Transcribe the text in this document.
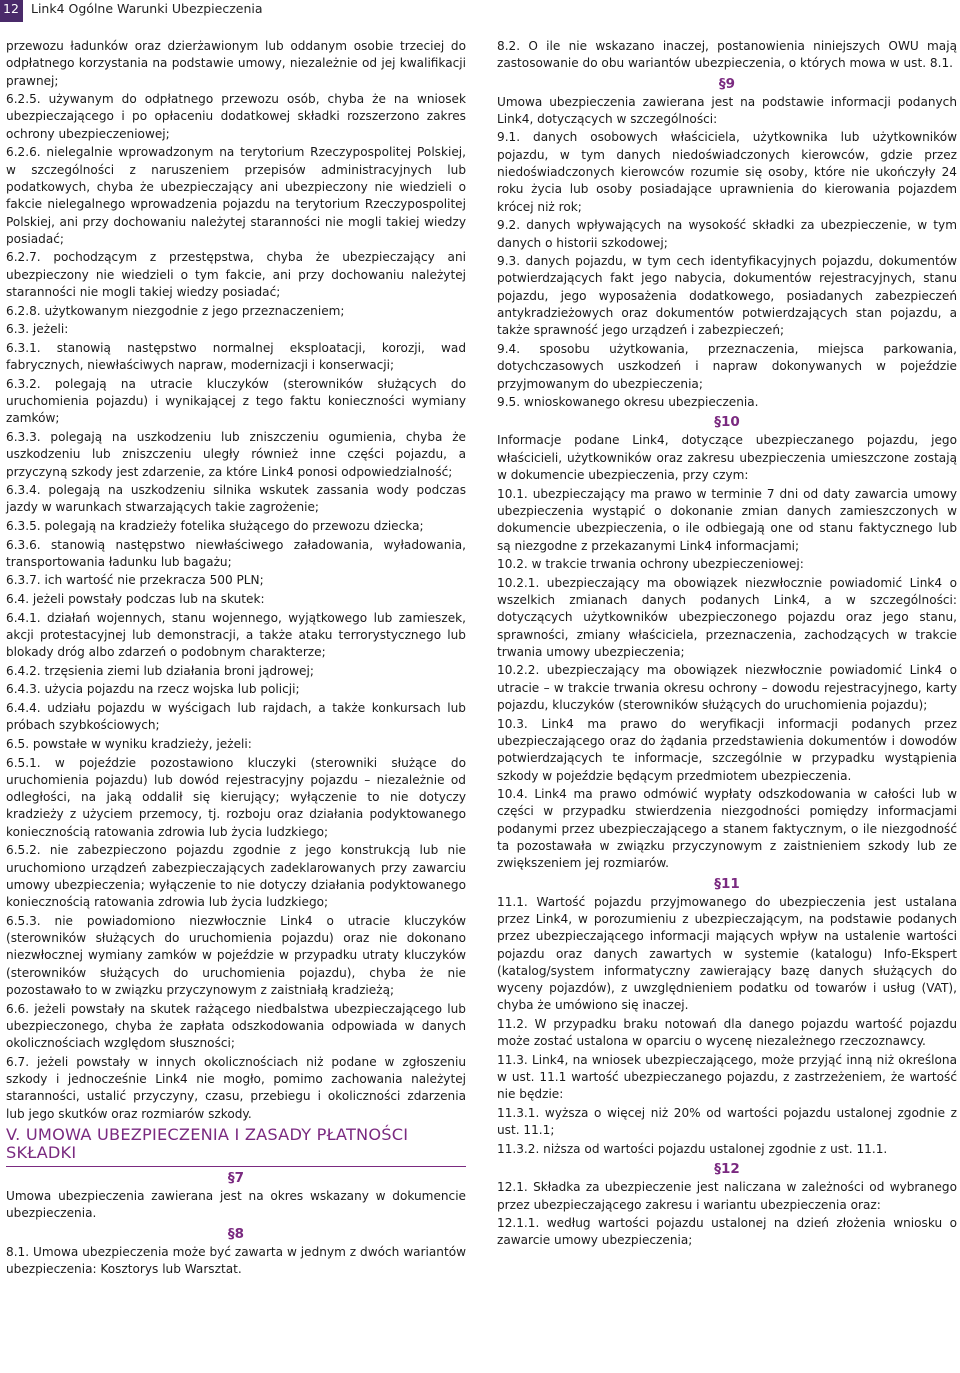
12 Link4 Ogólne Warunki Ubezpieczenia

przewozu ładunków oraz dzierżawionym lub oddanym osobie trzeciej do odpłatnego korzystania na podstawie umowy, niezależnie od jej kwalifikacji prawnej;

6.2.5. używanym do odpłatnego przewozu osób, chyba że na wniosek ubezpieczającego i po opłaceniu dodatkowej składki rozszerzono zakres ochrony ubezpieczeniowej;

6.2.6. nielegalnie wprowadzonym na terytorium Rzeczypospolitej Polskiej, w szczególności z naruszeniem przepisów administracyjnych lub podatkowych, chyba że ubezpieczający ani ubezpieczony nie wiedzieli o fakcie nielegalnego wprowadzenia pojazdu na terytorium Rzeczypospolitej Polskiej, ani przy dochowaniu należytej staranności nie mogli takiej wiedzy posiadać;

6.2.7. pochodzącym z przestępstwa, chyba że ubezpieczający ani ubezpieczony nie wiedzieli o tym fakcie, ani przy dochowaniu należytej staranności nie mogli takiej wiedzy posiadać;

6.2.8. użytkowanym niezgodnie z jego przeznaczeniem;

6.3. jeżeli:

6.3.1. stanowią następstwo normalnej eksploatacji, korozji, wad fabrycznych, niewłaściwych napraw, modernizacji i konserwacji;

6.3.2. polegają na utracie kluczyków (sterowników służących do uruchomienia pojazdu) i wynikającej z tego faktu konieczności wymiany zamków;

6.3.3. polegają na uszkodzeniu lub zniszczeniu ogumienia, chyba że uszkodzeniu lub zniszczeniu uległy również inne części pojazdu, a przyczyną szkody jest zdarzenie, za które Link4 ponosi odpowiedzialność;

6.3.4. polegają na uszkodzeniu silnika wskutek zassania wody podczas jazdy w warunkach stwarzających takie zagrożenie;

6.3.5. polegają na kradzieży fotelika służącego do przewozu dziecka;

6.3.6. stanowią następstwo niewłaściwego załadowania, wyładowania, transportowania ładunku lub bagażu;

6.3.7. ich wartość nie przekracza 500 PLN;

6.4. jeżeli powstały podczas lub na skutek:

6.4.1. działań wojennych, stanu wojennego, wyjątkowego lub zamieszek, akcji protestacyjnej lub demonstracji, a także ataku terrorystycznego lub blokady dróg albo zdarzeń o podobnym charakterze;

6.4.2. trzęsienia ziemi lub działania broni jądrowej;

6.4.3. użycia pojazdu na rzecz wojska lub policji;

6.4.4. udziału pojazdu w wyścigach lub rajdach, a także konkursach lub próbach szybkościowych;

6.5. powstałe w wyniku kradzieży, jeżeli:

6.5.1. w pojeździe pozostawiono kluczyki (sterowniki służące do uruchomienia pojazdu) lub dowód rejestracyjny pojazdu – niezależnie od odległości, na jaką oddalił się kierujący; wyłączenie to nie dotyczy kradzieży z użyciem przemocy, tj. rozboju oraz działania podyktowanego koniecznością ratowania zdrowia lub życia ludzkiego;

6.5.2. nie zabezpieczono pojazdu zgodnie z jego konstrukcją lub nie uruchomiono urządzeń zabezpieczających zadeklarowanych przy zawarciu umowy ubezpieczenia; wyłączenie to nie dotyczy działania podyktowanego koniecznością ratowania zdrowia lub życia ludzkiego;

6.5.3. nie powiadomiono niezwłocznie Link4 o utracie kluczyków (sterowników służących do uruchomienia pojazdu) oraz nie dokonano niezwłocznej wymiany zamków w pojeździe w przypadku utraty kluczyków (sterowników służących do uruchomienia pojazdu), chyba że nie pozostawało to w związku przyczynowym z zaistniałą kradzieżą;

6.6. jeżeli powstały na skutek rażącego niedbalstwa ubezpieczającego lub ubezpieczonego, chyba że zapłata odszkodowania odpowiada w danych okolicznościach względom słuszności;

6.7. jeżeli powstały w innych okolicznościach niż podane w zgłoszeniu szkody i jednocześnie Link4 nie mogło, pomimo zachowania należytej staranności, ustalić przyczyny, czasu, przebiegu i okoliczności zdarzenia lub jego skutków oraz rozmiarów szkody.

V. UMOWA UBEZPIECZENIA I ZASADY PŁATNOŚCI SKŁADKI

§7

Umowa ubezpieczenia zawierana jest na okres wskazany w dokumencie ubezpieczenia.

§8

8.1. Umowa ubezpieczenia może być zawarta w jednym z dwóch wariantów ubezpieczenia: Kosztorys lub Warsztat.

8.2. O ile nie wskazano inaczej, postanowienia niniejszych OWU mają zastosowanie do obu wariantów ubezpieczenia, o których mowa w ust. 8.1.

§9

Umowa ubezpieczenia zawierana jest na podstawie informacji podanych Link4, dotyczących w szczególności:

9.1. danych osobowych właściciela, użytkownika lub użytkowników pojazdu, w tym danych niedoświadczonych kierowców, gdzie przez niedoświadczonych kierowców rozumie się osoby, które nie ukończyły 24 roku życia lub osoby posiadające uprawnienia do kierowania pojazdem krócej niż rok;

9.2. danych wpływających na wysokość składki za ubezpieczenie, w tym danych o historii szkodowej;

9.3. danych pojazdu, w tym cech identyfikacyjnych pojazdu, dokumentów potwierdzających fakt jego nabycia, dokumentów rejestracyjnych, stanu pojazdu, jego wyposażenia dodatkowego, posiadanych zabezpieczeń antykradzieżowych oraz dokumentów potwierdzających stan pojazdu, a także sprawność jego urządzeń i zabezpieczeń;

9.4. sposobu użytkowania, przeznaczenia, miejsca parkowania, dotychczasowych uszkodzeń i napraw dokonywanych w pojeździe przyjmowanym do ubezpieczenia;

9.5. wnioskowanego okresu ubezpieczenia.

§10

Informacje podane Link4, dotyczące ubezpieczanego pojazdu, jego właścicieli, użytkowników oraz zakresu ubezpieczenia umieszczone zostają w dokumencie ubezpieczenia, przy czym:

10.1. ubezpieczający ma prawo w terminie 7 dni od daty zawarcia umowy ubezpieczenia wystąpić o dokonanie zmian danych zamieszczonych w dokumencie ubezpieczenia, o ile odbiegają one od stanu faktycznego lub są niezgodne z przekazanymi Link4 informacjami;

10.2. w trakcie trwania ochrony ubezpieczeniowej:

10.2.1. ubezpieczający ma obowiązek niezwłocznie powiadomić Link4 o wszelkich zmianach danych podanych Link4, a w szczególności: dotyczących użytkowników ubezpieczonego pojazdu oraz jego stanu, sprawności, zmiany właściciela, przeznaczenia, zachodzących w trakcie trwania umowy ubezpieczenia;

10.2.2. ubezpieczający ma obowiązek niezwłocznie powiadomić Link4 o utracie – w trakcie trwania okresu ochrony – dowodu rejestracyjnego, karty pojazdu, kluczyków (sterowników służących do uruchomienia pojazdu);

10.3. Link4 ma prawo do weryfikacji informacji podanych przez ubezpieczającego oraz do żądania przedstawienia dokumentów i dowodów potwierdzających te informacje, szczególnie w przypadku wystąpienia szkody w pojeździe będącym przedmiotem ubezpieczenia.

10.4. Link4 ma prawo odmówić wypłaty odszkodowania w całości lub w części w przypadku stwierdzenia niezgodności pomiędzy informacjami podanymi przez ubezpieczającego a stanem faktycznym, o ile niezgodność ta pozostawała w związku przyczynowym z zaistnieniem szkody lub ze zwiększeniem jej rozmiarów.

§11

11.1. Wartość pojazdu przyjmowanego do ubezpieczenia jest ustalana przez Link4, w porozumieniu z ubezpieczającym, na podstawie podanych przez ubezpieczającego informacji mających wpływ na ustalenie wartości pojazdu oraz danych zawartych w systemie (katalogu) Info-Ekspert (katalog/system informatyczny zawierający bazę danych służących do wyceny pojazdów), z uwzględnieniem podatku od towarów i usług (VAT), chyba że umówiono się inaczej.

11.2. W przypadku braku notowań dla danego pojazdu wartość pojazdu może zostać ustalona w oparciu o wycenę niezależnego rzeczoznawcy.

11.3. Link4, na wniosek ubezpieczającego, może przyjąć inną niż określona w ust. 11.1 wartość ubezpieczanego pojazdu, z zastrzeżeniem, że wartość nie będzie:

11.3.1. wyższa o więcej niż 20% od wartości pojazdu ustalonej zgodnie z ust. 11.1;

11.3.2. niższa od wartości pojazdu ustalonej zgodnie z ust. 11.1.

§12

12.1. Składka za ubezpieczenie jest naliczana w zależności od wybranego przez ubezpieczającego zakresu i wariantu ubezpieczenia oraz:

12.1.1. według wartości pojazdu ustalonej na dzień złożenia wniosku o zawarcie umowy ubezpieczenia;
